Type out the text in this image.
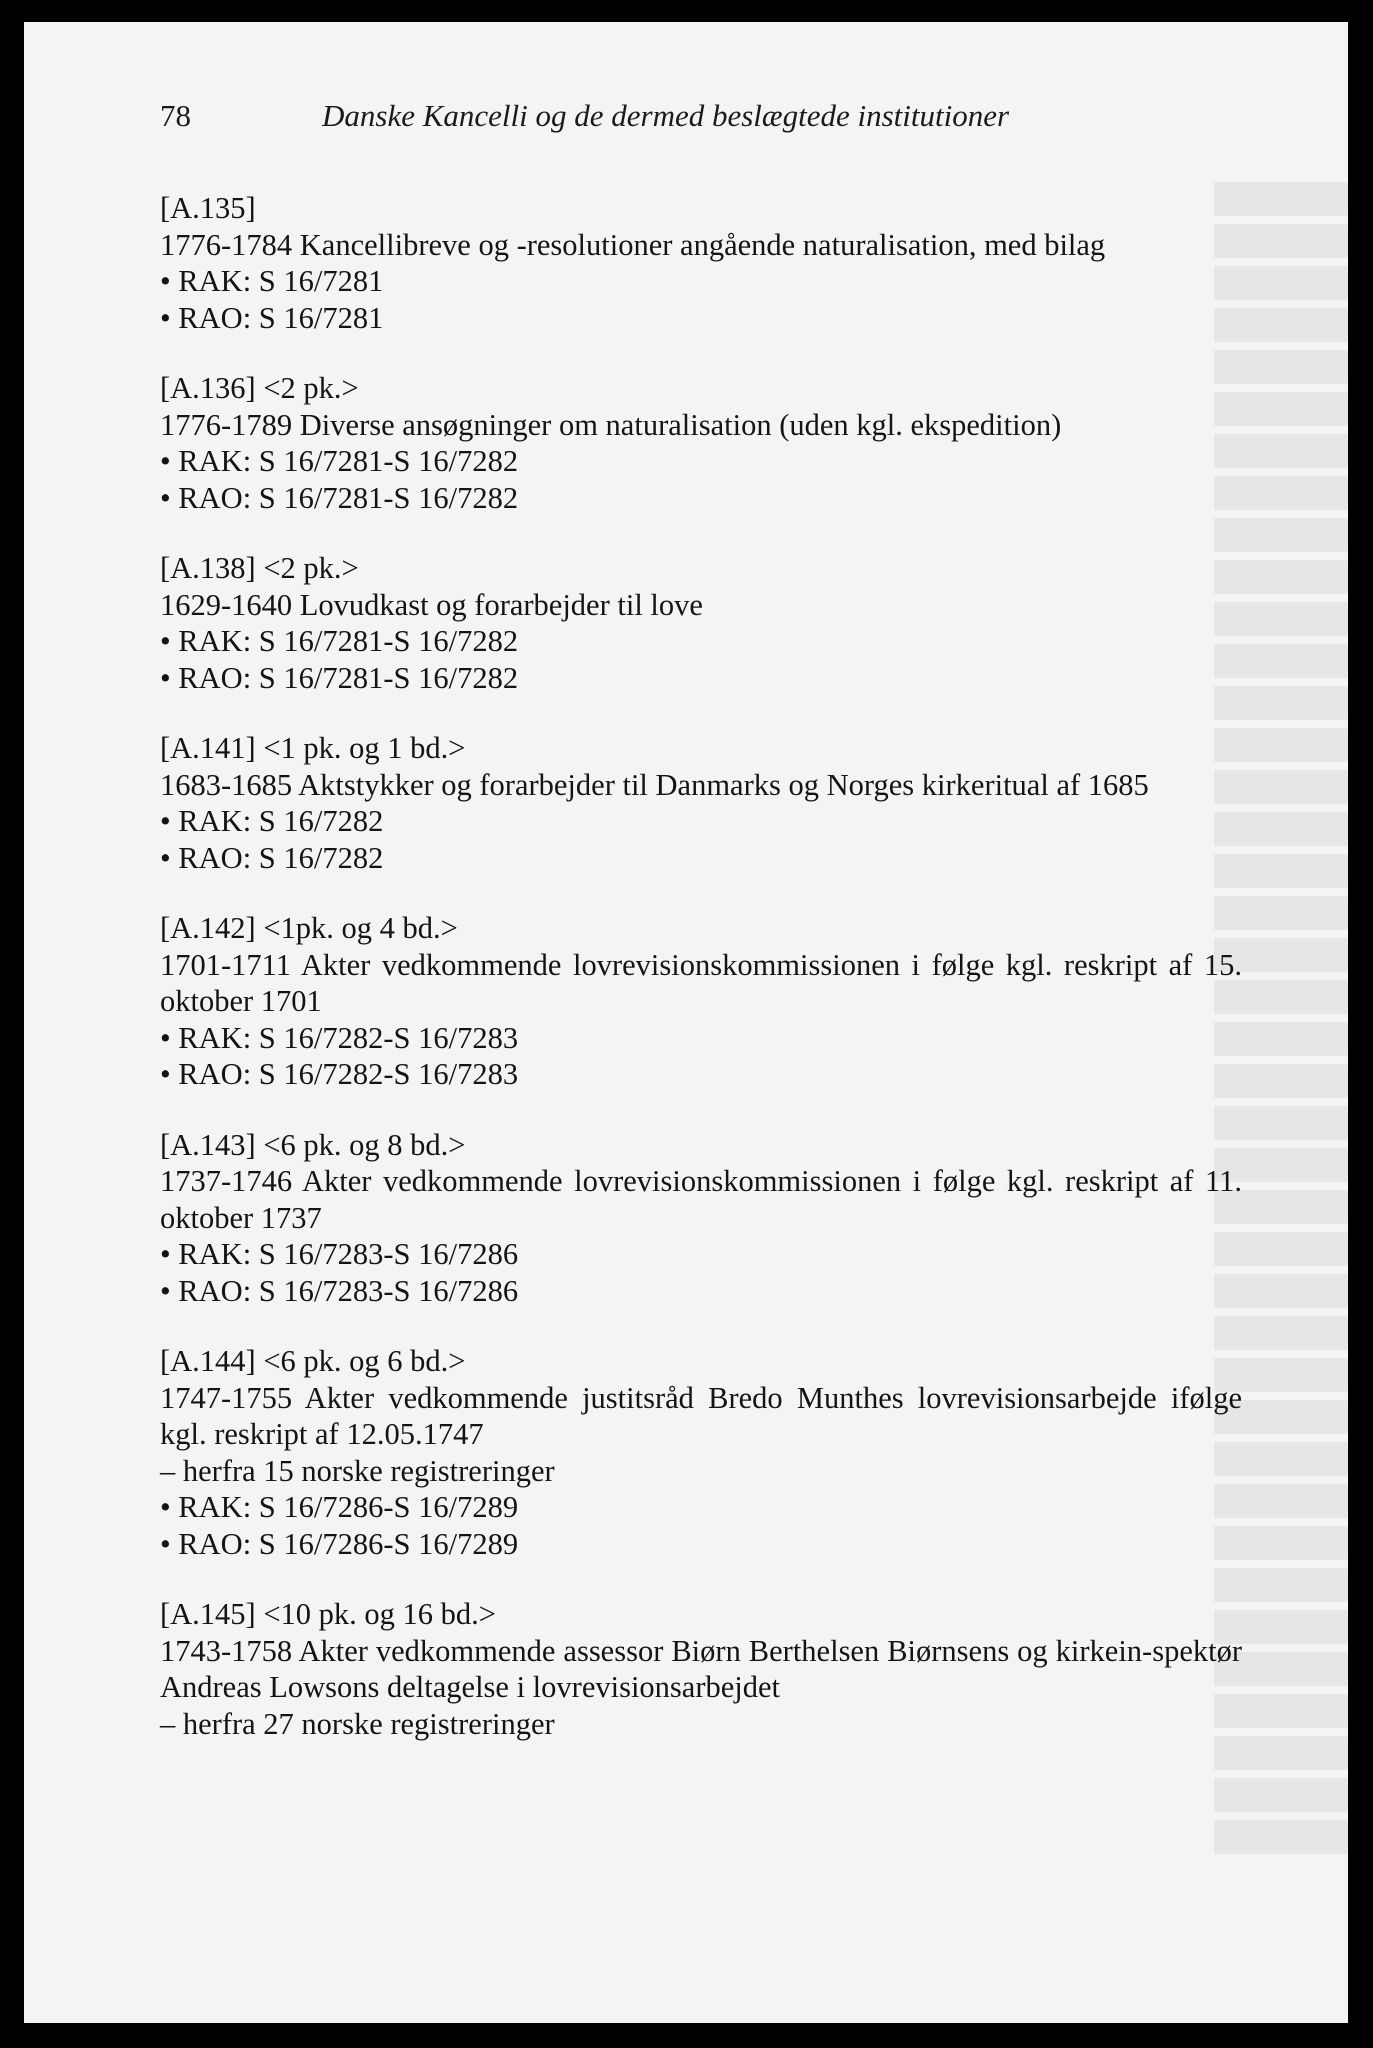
78	Danske Kancelli og de dermed beslægtede institutioner
[A.135]
1776-1784 Kancellibreve og -resolutioner angående naturalisation, med bilag
• RAK: S 16/7281
• RAO: S 16/7281
[A.136] <2 pk.>
1776-1789 Diverse ansøgninger om naturalisation (uden kgl. ekspedition)
• RAK: S 16/7281-S 16/7282
• RAO: S 16/7281-S 16/7282
[A.138] <2 pk.>
1629-1640 Lovudkast og forarbejder til love
• RAK: S 16/7281-S 16/7282
• RAO: S 16/7281-S 16/7282
[A.141] <1 pk. og 1 bd.>
1683-1685 Aktstykker og forarbejder til Danmarks og Norges kirkeritual af 1685
• RAK: S 16/7282
• RAO: S 16/7282
[A.142] <1pk. og 4 bd.>
1701-1711 Akter vedkommende lovrevisionskommissionen i følge kgl. reskript af 15. oktober 1701
• RAK: S 16/7282-S 16/7283
• RAO: S 16/7282-S 16/7283
[A.143] <6 pk. og 8 bd.>
1737-1746 Akter vedkommende lovrevisionskommissionen i følge kgl. reskript af 11. oktober 1737
• RAK: S 16/7283-S 16/7286
• RAO: S 16/7283-S 16/7286
[A.144] <6 pk. og 6 bd.>
1747-1755 Akter vedkommende justitsråd Bredo Munthes lovrevisionsarbejde ifølge kgl. reskript af 12.05.1747
– herfra 15 norske registreringer
• RAK: S 16/7286-S 16/7289
• RAO: S 16/7286-S 16/7289
[A.145] <10 pk. og 16 bd.>
1743-1758 Akter vedkommende assessor Biørn Berthelsen Biørnsens og kirkein-spektør Andreas Lowsons deltagelse i lovrevisionsarbejdet
– herfra 27 norske registreringer
